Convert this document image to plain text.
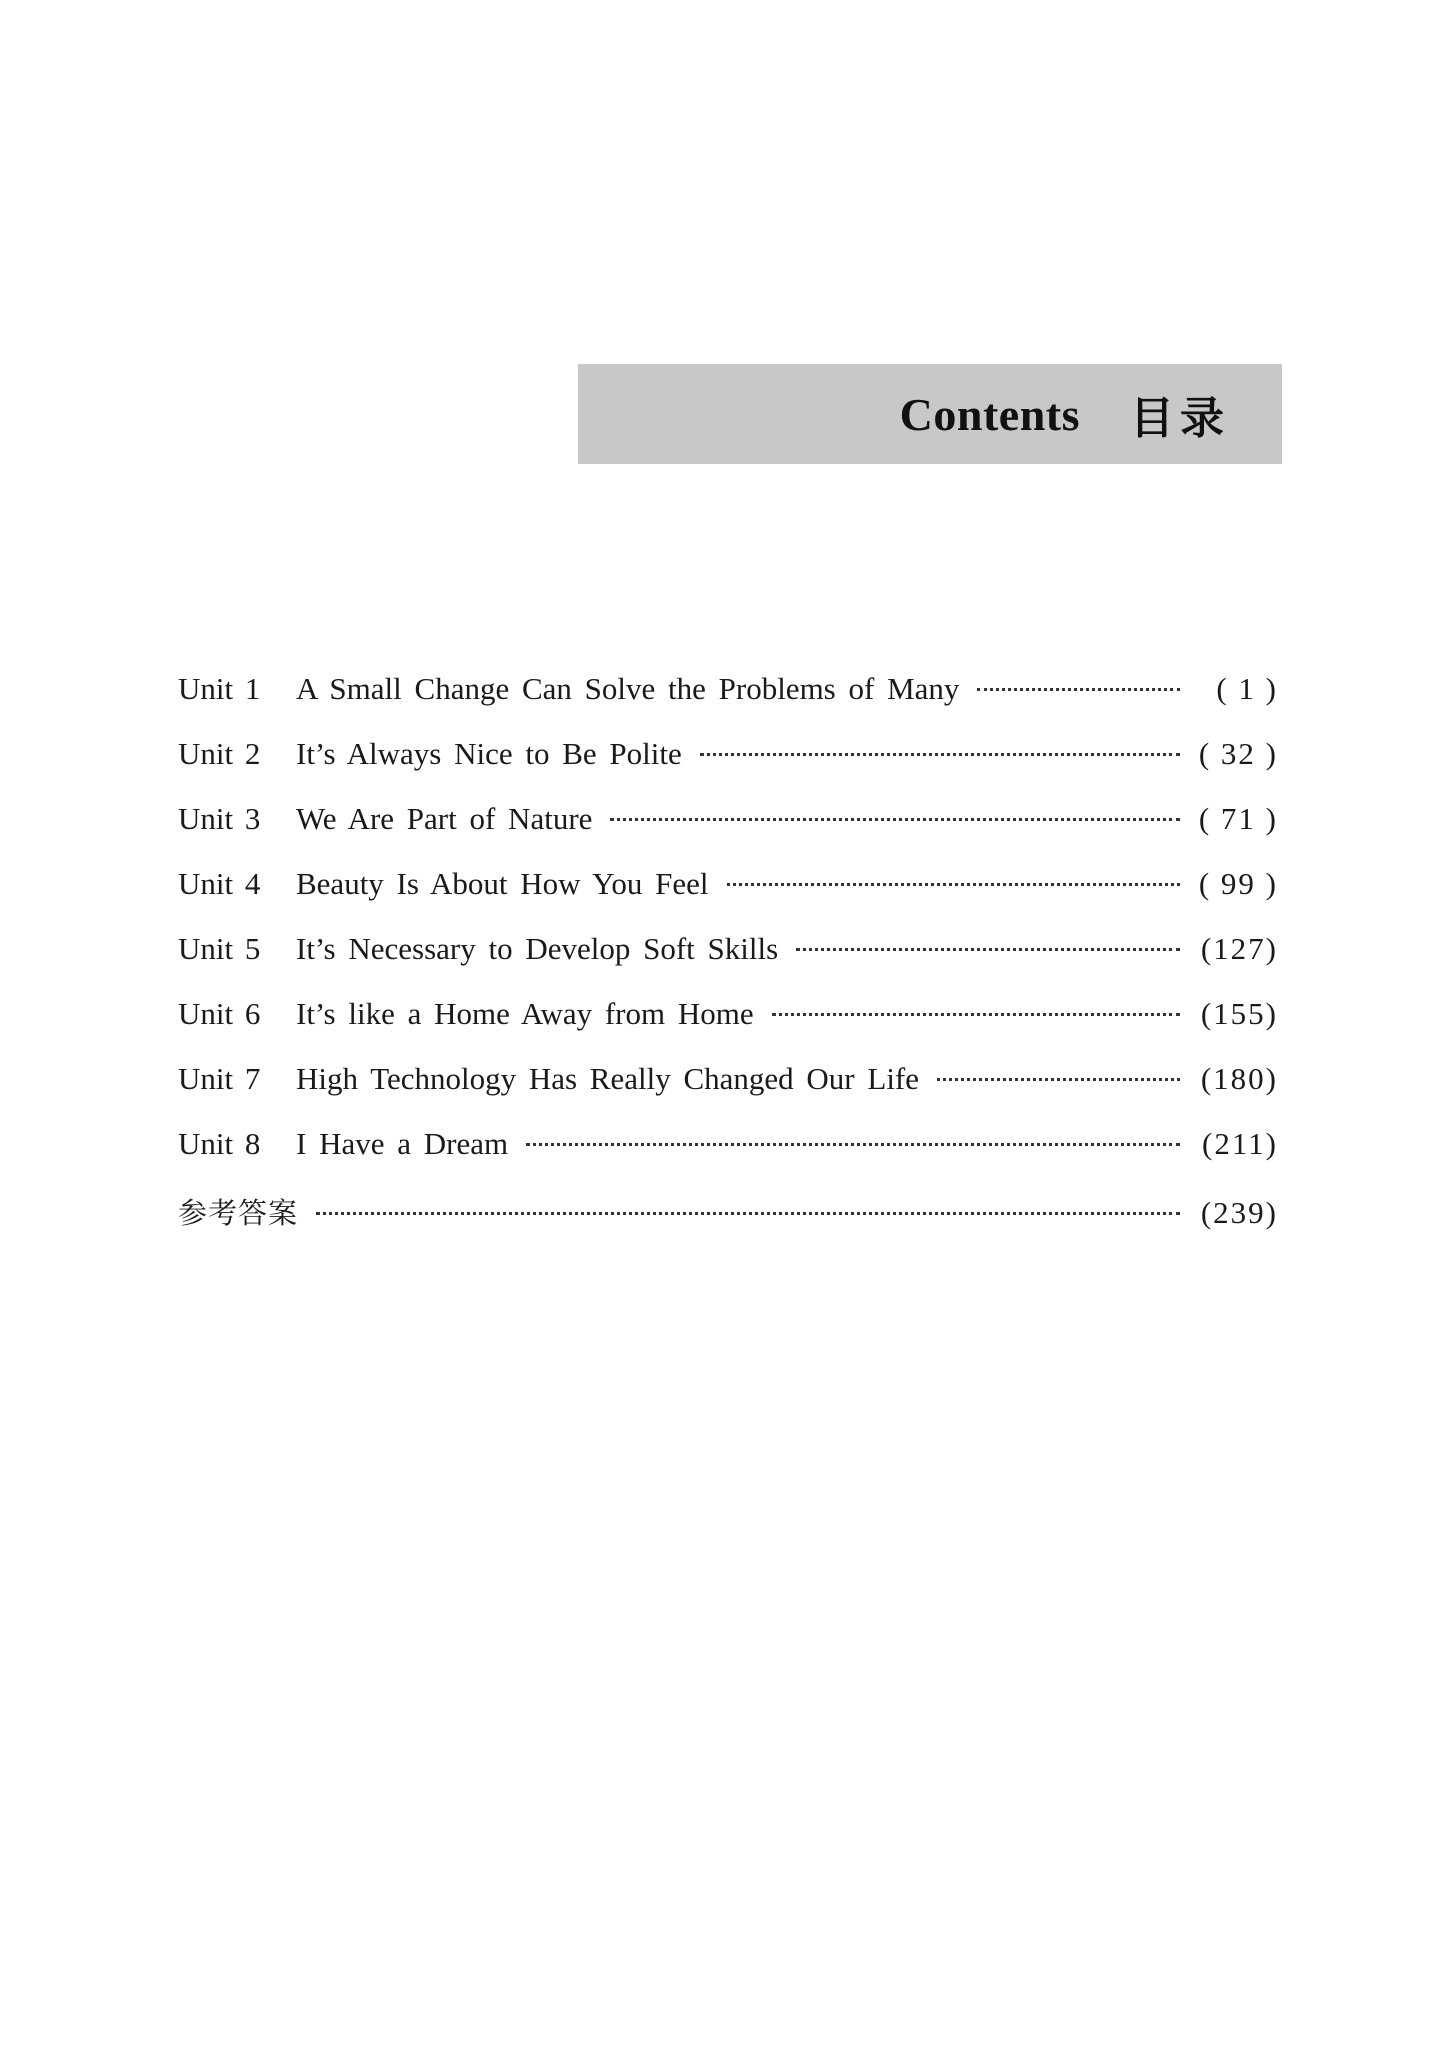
Contents 目录
Unit 1	A Small Change Can Solve the Problems of Many	( 1 )
Unit 2	It’s Always Nice to Be Polite	( 32 )
Unit 3	We Are Part of Nature	( 71 )
Unit 4	Beauty Is About How You Feel	( 99 )
Unit 5	It’s Necessary to Develop Soft Skills	(127)
Unit 6	It’s like a Home Away from Home	(155)
Unit 7	High Technology Has Really Changed Our Life	(180)
Unit 8	I Have a Dream	(211)
参考答案	(239)
